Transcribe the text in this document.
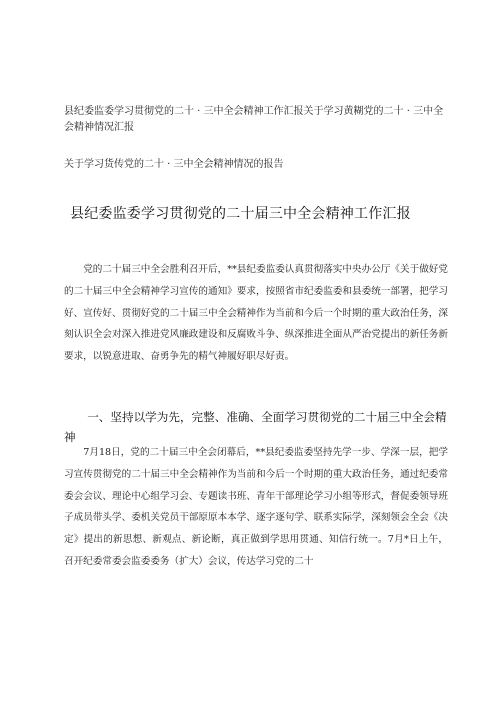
县纪委监委学习贯彻党的二十 · 三中全会精神工作汇报关于学习黄糊党的二十 · 三中全会精神情况汇报
关于学习货传党的二十 · 三中全会精神情况的报告
县纪委监委学习贯彻党的二十届三中全会精神工作汇报

党的二十届三中全会胜利召开后，**县纪委监委认真贯彻落实中央办公厅《关于做好党的二十届三中全会精神学习宣传的通知》要求，按照省市纪委监委和县委统一部署，把学习好、宣传好、贯彻好党的二十届三中全会精神作为当前和今后一个时期的重大政治任务，深刻认识全会对深入推进党风廉政建设和反腐败斗争、纵深推进全面从严治党提出的新任务新要求，以锐意进取、奋勇争先的精气神履好职尽好责。

一、坚持以学为先，完整、准确、全面学习贯彻党的二十届三中全会精神

7月18日，党的二十届三中全会闭幕后，**县纪委监委坚持先学一步、学深一层，把学习宣传贯彻党的二十届三中全会精神作为当前和今后一个时期的重大政治任务，通过纪委常委会会议、理论中心组学习会、专题读书班、青年干部理论学习小组等形式，督促委领导班子成员带头学、委机关党员干部原原本本学、逐字逐句学、联系实际学，深刻领会全会《决定》提出的新思想、新观点、新论断，真正做到学思用贯通、知信行统一。7月*日上午，召开纪委常委会监委委务（扩大）会议，传达学习党的二十
